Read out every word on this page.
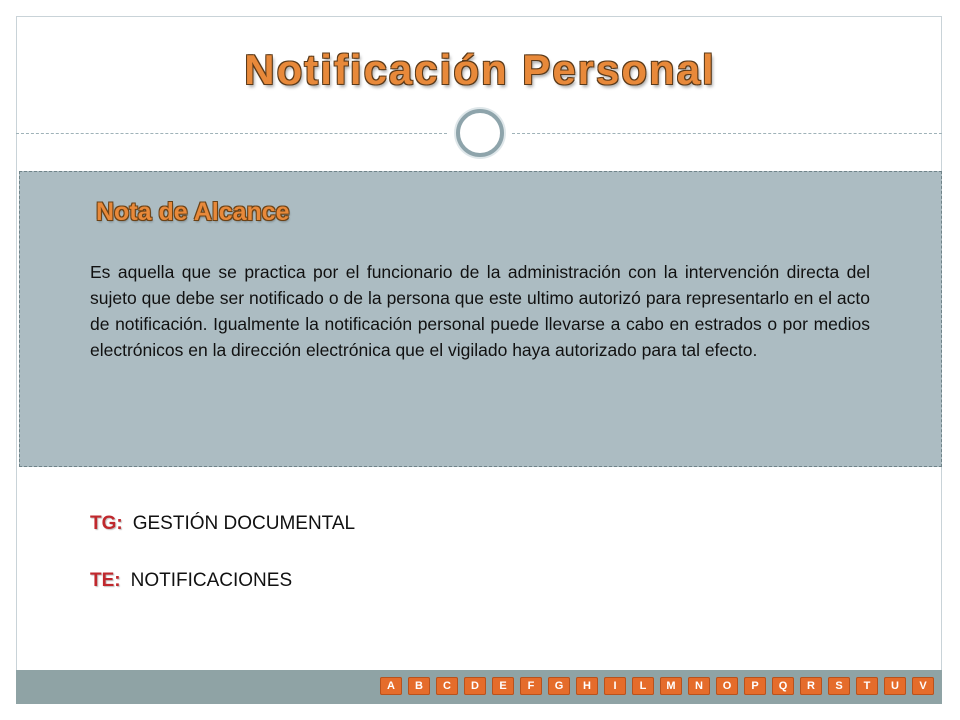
Notificación Personal
Nota de Alcance

Es aquella que se practica por el funcionario de la administración con la intervención directa del sujeto que debe ser notificado o de la persona que este ultimo autorizó para representarlo en el acto de notificación. Igualmente la notificación personal puede llevarse a cabo en estrados o por medios electrónicos en la dirección electrónica que el vigilado haya autorizado para tal efecto.

TG: GESTIÓN DOCUMENTAL
TE: NOTIFICACIONES
A	B	C	D	E	F	G	H	I	L	M	N	O	P	Q	R	S	T	U	V
